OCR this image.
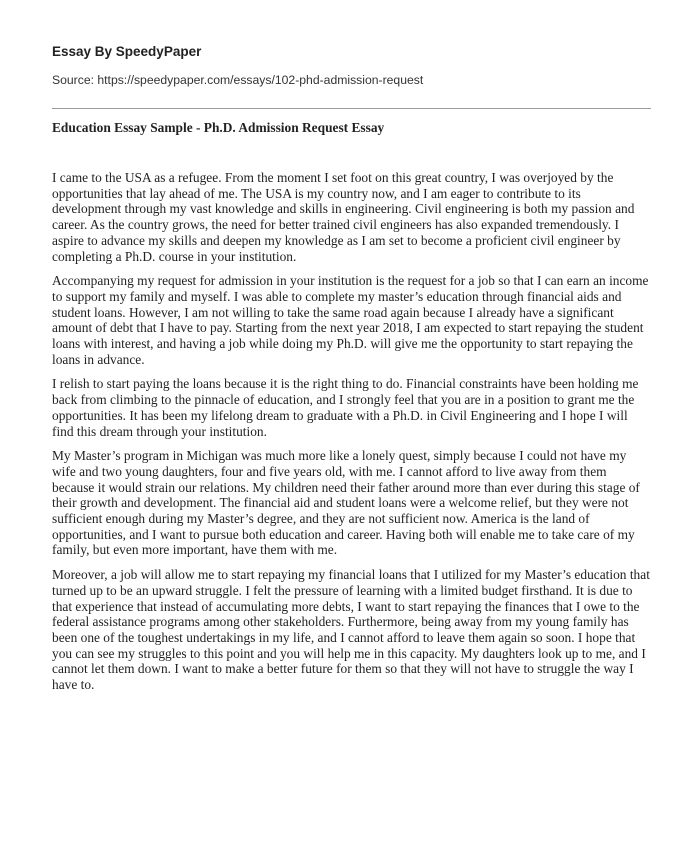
Essay By SpeedyPaper

Source: https://speedypaper.com/essays/102-phd-admission-request

Education Essay Sample - Ph.D. Admission Request Essay

I came to the USA as a refugee. From the moment I set foot on this great country, I was overjoyed by the opportunities that lay ahead of me. The USA is my country now, and I am eager to contribute to its development through my vast knowledge and skills in engineering. Civil engineering is both my passion and career. As the country grows, the need for better trained civil engineers has also expanded tremendously. I aspire to advance my skills and deepen my knowledge as I am set to become a proficient civil engineer by completing a Ph.D. course in your institution.

Accompanying my request for admission in your institution is the request for a job so that I can earn an income to support my family and myself. I was able to complete my master’s education through financial aids and student loans. However, I am not willing to take the same road again because I already have a significant amount of debt that I have to pay. Starting from the next year 2018, I am expected to start repaying the student loans with interest, and having a job while doing my Ph.D. will give me the opportunity to start repaying the loans in advance.

I relish to start paying the loans because it is the right thing to do. Financial constraints have been holding me back from climbing to the pinnacle of education, and I strongly feel that you are in a position to grant me the opportunities. It has been my lifelong dream to graduate with a Ph.D. in Civil Engineering and I hope I will find this dream through your institution.

My Master’s program in Michigan was much more like a lonely quest, simply because I could not have my wife and two young daughters, four and five years old, with me. I cannot afford to live away from them because it would strain our relations. My children need their father around more than ever during this stage of their growth and development. The financial aid and student loans were a welcome relief, but they were not sufficient enough during my Master’s degree, and they are not sufficient now. America is the land of opportunities, and I want to pursue both education and career. Having both will enable me to take care of my family, but even more important, have them with me.

Moreover, a job will allow me to start repaying my financial loans that I utilized for my Master’s education that turned up to be an upward struggle. I felt the pressure of learning with a limited budget firsthand. It is due to that experience that instead of accumulating more debts, I want to start repaying the finances that I owe to the federal assistance programs among other stakeholders. Furthermore, being away from my young family has been one of the toughest undertakings in my life, and I cannot afford to leave them again so soon. I hope that you can see my struggles to this point and you will help me in this capacity. My daughters look up to me, and I cannot let them down. I want to make a better future for them so that they will not have to struggle the way I have to.
